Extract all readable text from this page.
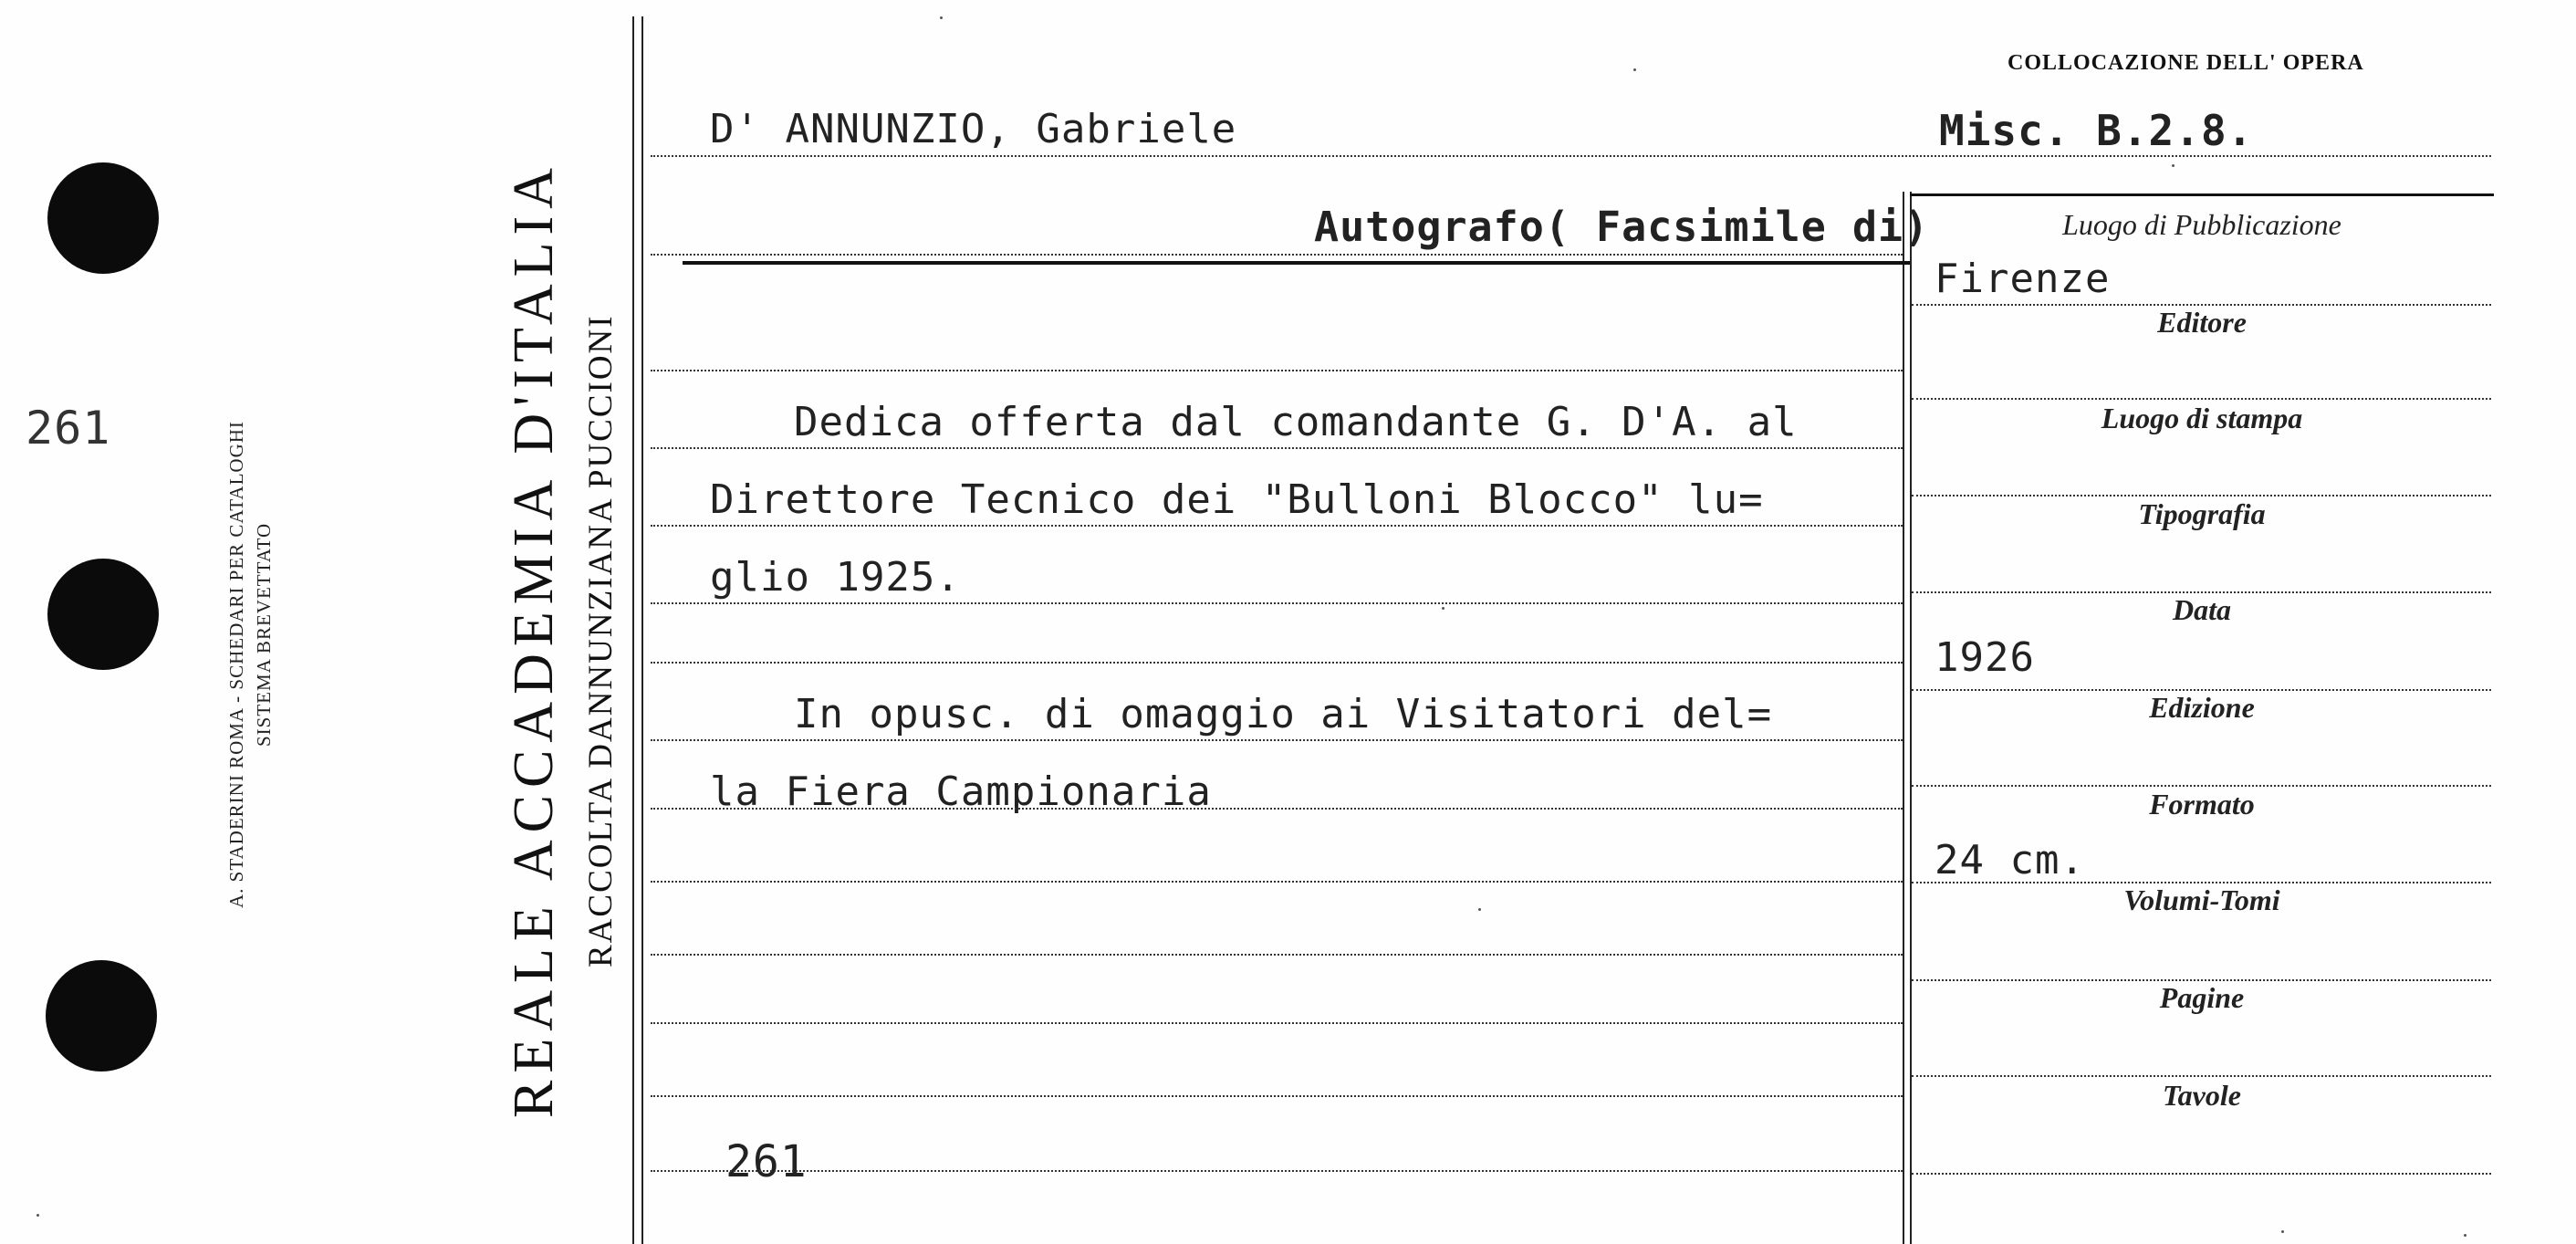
261	A. STADERINI ROMA - SCHEDARI PER CATALOGHI SISTEMA BREVETTATO	REALE ACCADEMIA D'ITALIA RACCOLTA DANNUNZIANA PUCCIONI
COLLOCAZIONE DELL' OPERA
Misc. B.2.8.
D' ANNUNZIO, Gabriele
Autografo( Facsimile di)
Dedica offerta dal comandante G. D'A. al
Direttore Tecnico dei "Bulloni Blocco" lu=
glio 1925.
In opusc. di omaggio ai Visitatori del=
la Fiera Campionaria
261
Luogo di Pubblicazione
Firenze
Editore
Luogo di stampa
Tipografia
Data
1926
Edizione
Formato
24 cm.
Volumi-Tomi
Pagine
Tavole
